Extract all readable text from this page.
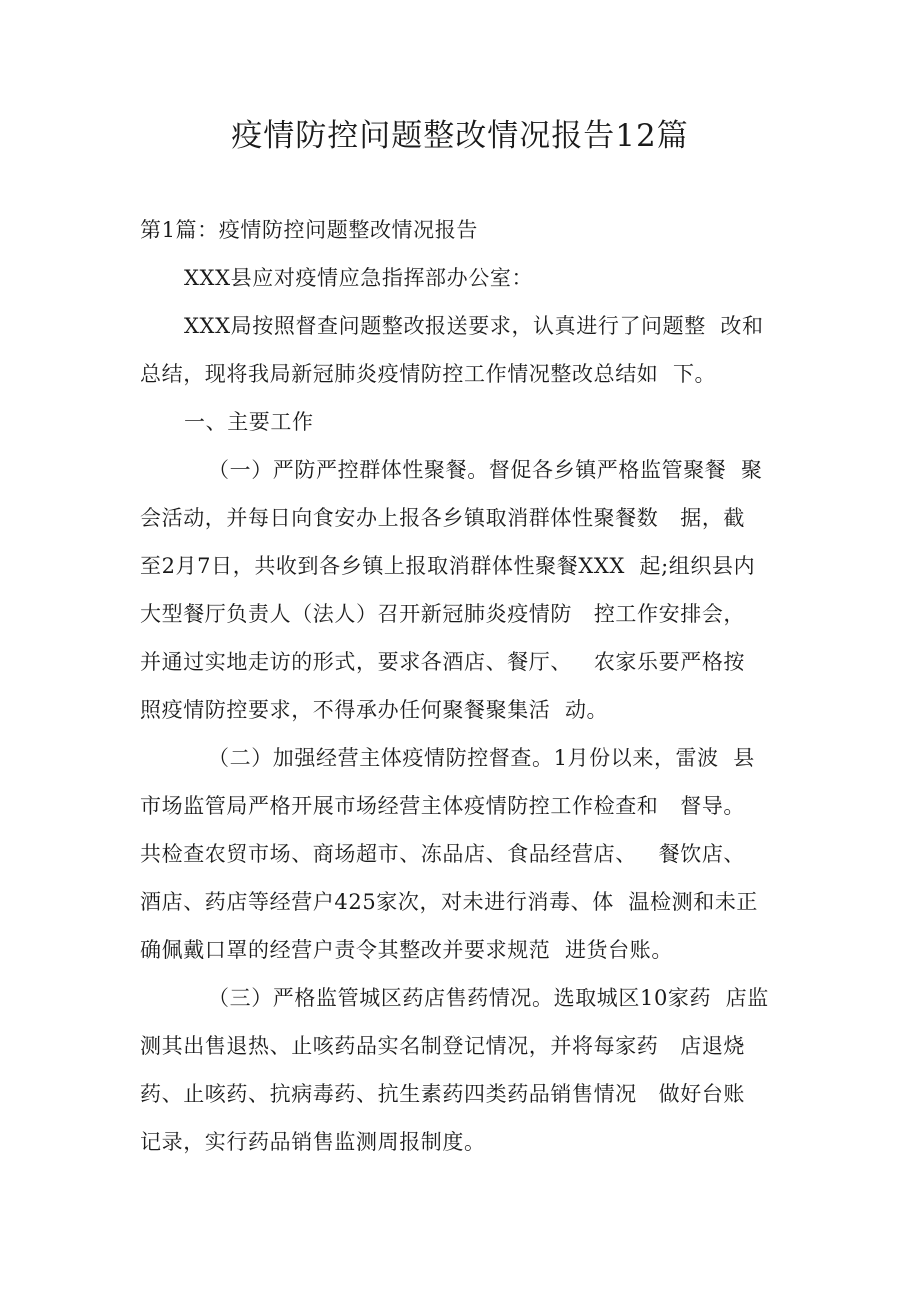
疫情防控问题整改情况报告12篇

第1篇：疫情防控问题整改情况报告

XXX县应对疫情应急指挥部办公室：

XXX局按照督查问题整改报送要求，认真进行了问题整  改和

总结，现将我局新冠肺炎疫情防控工作情况整改总结如  下。

一、主要工作

（一）严防严控群体性聚餐。督促各乡镇严格监管聚餐  聚

会活动，并每日向食安办上报各乡镇取消群体性聚餐数   据，截

至2月7日，共收到各乡镇上报取消群体性聚餐XXX  起;组织县内

大型餐厅负责人（法人）召开新冠肺炎疫情防   控工作安排会，

并通过实地走访的形式，要求各酒店、餐厅、   农家乐要严格按

照疫情防控要求，不得承办任何聚餐聚集活  动。

（二）加强经营主体疫情防控督查。1月份以来，雷波  县

市场监管局严格开展市场经营主体疫情防控工作检查和   督导。

共检查农贸市场、商场超市、冻品店、食品经营店、   餐饮店、

酒店、药店等经营户425家次，对未进行消毒、体  温检测和未正

确佩戴口罩的经营户责令其整改并要求规范  进货台账。

（三）严格监管城区药店售药情况。选取城区10家药  店监

测其出售退热、止咳药品实名制登记情况，并将每家药   店退烧

药、止咳药、抗病毒药、抗生素药四类药品销售情况   做好台账

记录，实行药品销售监测周报制度。
